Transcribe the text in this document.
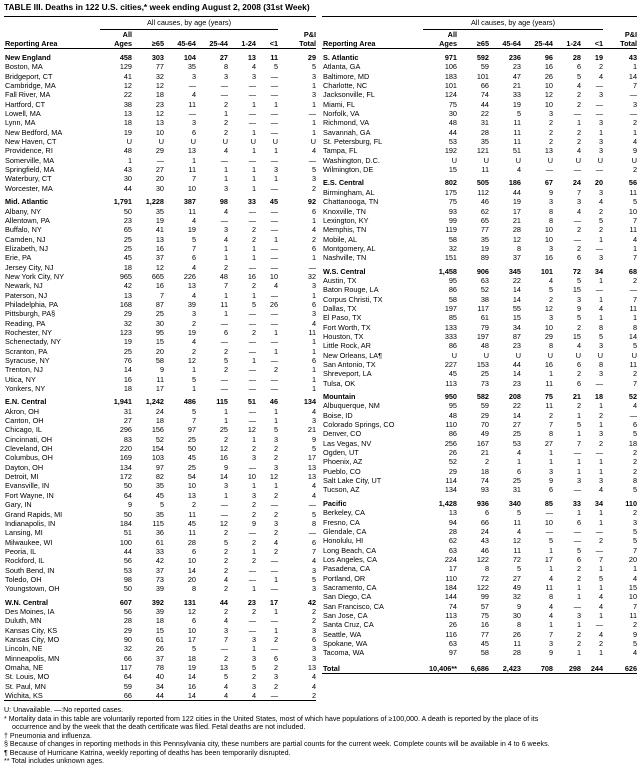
TABLE III. Deaths in 122 U.S. cities,* week ending August 2, 2008 (31st Week)
	All causes, by age (years)						
	All						P&I
Reporting Area	Ages	≥65	45-64	25-44	1-24	<1	Total
New England	458	303	104	27	13	11	29
Boston, MA	129	77	35	8	4	5	5
Bridgeport, CT	41	32	3	3	3	—	3
Cambridge, MA	12	12	—	—	—	—	1
Fall River, MA	22	18	4	—	—	—	3
Hartford, CT	38	23	11	2	1	1	1
Lowell, MA	13	12	—	1	—	—	—
Lynn, MA	18	13	3	2	—	—	1
New Bedford, MA	19	10	6	2	1	—	1
New Haven, CT	U	U	U	U	U	U	U
Providence, RI	48	29	13	4	1	1	4
Somerville, MA	1	—	1	—	—	—	—
Springfield, MA	43	27	11	1	1	3	5
Waterbury, CT	30	20	7	1	1	1	3
Worcester, MA	44	30	10	3	1	—	2
Mid. Atlantic	1,791	1,228	387	98	33	45	92
Albany, NY	50	35	11	4	—	—	6
Allentown, PA	23	19	4	—	—	—	1
Buffalo, NY	65	41	19	3	2	—	4
Camden, NJ	25	13	5	4	2	1	2
Elizabeth, NJ	25	16	7	1	1	—	6
Erie, PA	45	37	6	1	1	—	1
Jersey City, NJ	18	12	4	2	—	—	—
New York City, NY	965	665	226	48	16	10	32
Newark, NJ	42	16	13	7	2	4	3
Paterson, NJ	13	7	4	1	1	—	1
Philadelphia, PA	168	87	39	11	5	26	6
Pittsburgh, PA§	29	25	3	1	—	—	3
Reading, PA	32	30	2	—	—	—	4
Rochester, NY	123	95	19	6	2	1	11
Schenectady, NY	19	15	4	—	—	—	1
Scranton, PA	25	20	2	2	—	1	1
Syracuse, NY	76	58	12	5	1	—	6
Trenton, NJ	14	9	1	2	—	2	1
Utica, NY	16	11	5	—	—	—	1
Yonkers, NY	18	17	1	—	—	—	1
E.N. Central	1,941	1,242	486	115	51	46	134
Akron, OH	31	24	5	1	—	1	4
Canton, OH	27	18	7	1	—	1	3
Chicago, IL	296	156	97	25	12	5	21
Cincinnati, OH	83	52	25	2	1	3	9
Cleveland, OH	220	154	50	12	2	2	5
Columbus, OH	169	103	45	16	3	2	17
Dayton, OH	134	97	25	9	—	3	13
Detroit, MI	172	82	54	14	10	12	13
Evansville, IN	50	35	10	3	1	1	4
Fort Wayne, IN	64	45	13	1	3	2	4
Gary, IN	9	5	2	—	2	—	—
Grand Rapids, MI	50	35	11	—	2	2	5
Indianapolis, IN	184	115	45	12	9	3	8
Lansing, MI	51	36	11	2	—	2	—
Milwaukee, WI	100	61	28	5	2	4	6
Peoria, IL	44	33	6	2	1	2	7
Rockford, IL	56	42	10	2	2	—	4
South Bend, IN	53	37	14	2	—	—	3
Toledo, OH	98	73	20	4	—	1	5
Youngstown, OH	50	39	8	2	1	—	3
W.N. Central	607	392	131	44	23	17	42
Des Moines, IA	56	39	12	2	2	1	2
Duluth, MN	28	18	6	4	—	—	2
Kansas City, KS	29	15	10	3	—	1	3
Kansas City, MO	90	61	17	7	3	2	6
Lincoln, NE	32	26	5	—	1	—	3
Minneapolis, MN	66	37	18	2	3	6	3
Omaha, NE	117	78	19	13	5	2	13
St. Louis, MO	64	40	14	5	2	3	4
St. Paul, MN	59	34	16	4	3	2	4
Wichita, KS	66	44	14	4	4	—	2
	All causes, by age (years)						
	All						P&I
Reporting Area	Ages	≥65	45-64	25-44	1-24	<1	Total
S. Atlantic	971	592	236	96	28	19	43
Atlanta, GA	106	59	23	16	6	2	1
Baltimore, MD	183	101	47	26	5	4	14
Charlotte, NC	101	66	21	10	4	—	7
Jacksonville, FL	124	74	33	12	2	3	—
Miami, FL	75	44	19	10	2	—	3
Norfolk, VA	30	22	5	3	—	—	—
Richmond, VA	48	31	11	2	1	3	2
Savannah, GA	44	28	11	2	2	1	1
St. Petersburg, FL	53	35	11	2	2	3	4
Tampa, FL	192	121	51	13	4	3	9
Washington, D.C.	U	U	U	U	U	U	U
Wilmington, DE	15	11	4	—	—	—	2
E.S. Central	802	505	186	67	24	20	56
Birmingham, AL	175	112	44	9	7	3	11
Chattanooga, TN	75	46	19	3	3	4	5
Knoxville, TN	93	62	17	8	4	2	10
Lexington, KY	99	65	21	8	—	5	7
Memphis, TN	119	77	28	10	2	2	11
Mobile, AL	58	35	12	10	—	1	4
Montgomery, AL	32	19	8	3	2	—	1
Nashville, TN	151	89	37	16	6	3	7
W.S. Central	1,458	906	345	101	72	34	68
Austin, TX	95	63	22	4	5	1	2
Baton Rouge, LA	86	52	14	5	15	—	—
Corpus Christi, TX	58	38	14	2	3	1	7
Dallas, TX	197	117	55	12	9	4	11
El Paso, TX	85	61	15	3	5	1	1
Fort Worth, TX	133	79	34	10	2	8	8
Houston, TX	333	197	87	29	15	5	14
Little Rock, AR	86	48	23	8	4	3	5
New Orleans, LA¶	U	U	U	U	U	U	U
San Antonio, TX	227	153	44	16	6	8	11
Shreveport, LA	45	25	14	1	2	3	2
Tulsa, OK	113	73	23	11	6	—	7
Mountain	950	582	208	75	21	18	52
Albuquerque, NM	95	59	22	11	2	1	4
Boise, ID	48	29	14	2	1	2	—
Colorado Springs, CO	110	70	27	7	5	1	6
Denver, CO	86	49	25	8	1	3	5
Las Vegas, NV	256	167	53	27	7	2	18
Ogden, UT	26	21	4	1	—	—	2
Phoenix, AZ	52	2	1	1	1	1	2
Pueblo, CO	29	18	6	3	1	1	2
Salt Lake City, UT	114	74	25	9	3	3	8
Tucson, AZ	134	93	31	6	—	4	5
Pacific	1,428	936	340	85	33	34	110
Berkeley, CA	13	6	5	—	1	1	2
Fresno, CA	94	66	11	10	6	1	3
Glendale, CA	28	24	4	—	—	—	5
Honolulu, HI	62	43	12	5	—	2	5
Long Beach, CA	63	46	11	1	5	—	7
Los Angeles, CA	224	122	72	17	6	7	20
Pasadena, CA	17	8	5	1	2	1	1
Portland, OR	110	72	27	4	2	5	4
Sacramento, CA	184	122	49	11	1	1	15
San Diego, CA	144	99	32	8	1	4	10
San Francisco, CA	74	57	9	4	—	4	7
San Jose, CA	113	75	30	4	3	1	11
Santa Cruz, CA	26	16	8	1	1	—	2
Seattle, WA	116	77	26	7	2	4	9
Spokane, WA	63	45	11	3	2	2	5
Tacoma, WA	97	58	28	9	1	1	4
Total	10,406**	6,686	2,423	708	298	244	626
U: Unavailable. —:No reported cases.
* Mortality data in this table are voluntarily reported from 122 cities in the United States, most of which have populations of ≥100,000. A death is reported by the place of its
occurrence and by the week that the death certificate was filed. Fetal deaths are not included.
† Pneumonia and influenza.
§ Because of changes in reporting methods in this Pennsylvania city, these numbers are partial counts for the current week. Complete counts will be available in 4 to 6 weeks.
¶ Because of Hurricane Katrina, weekly reporting of deaths has been temporarily disrupted.
** Total includes unknown ages.
